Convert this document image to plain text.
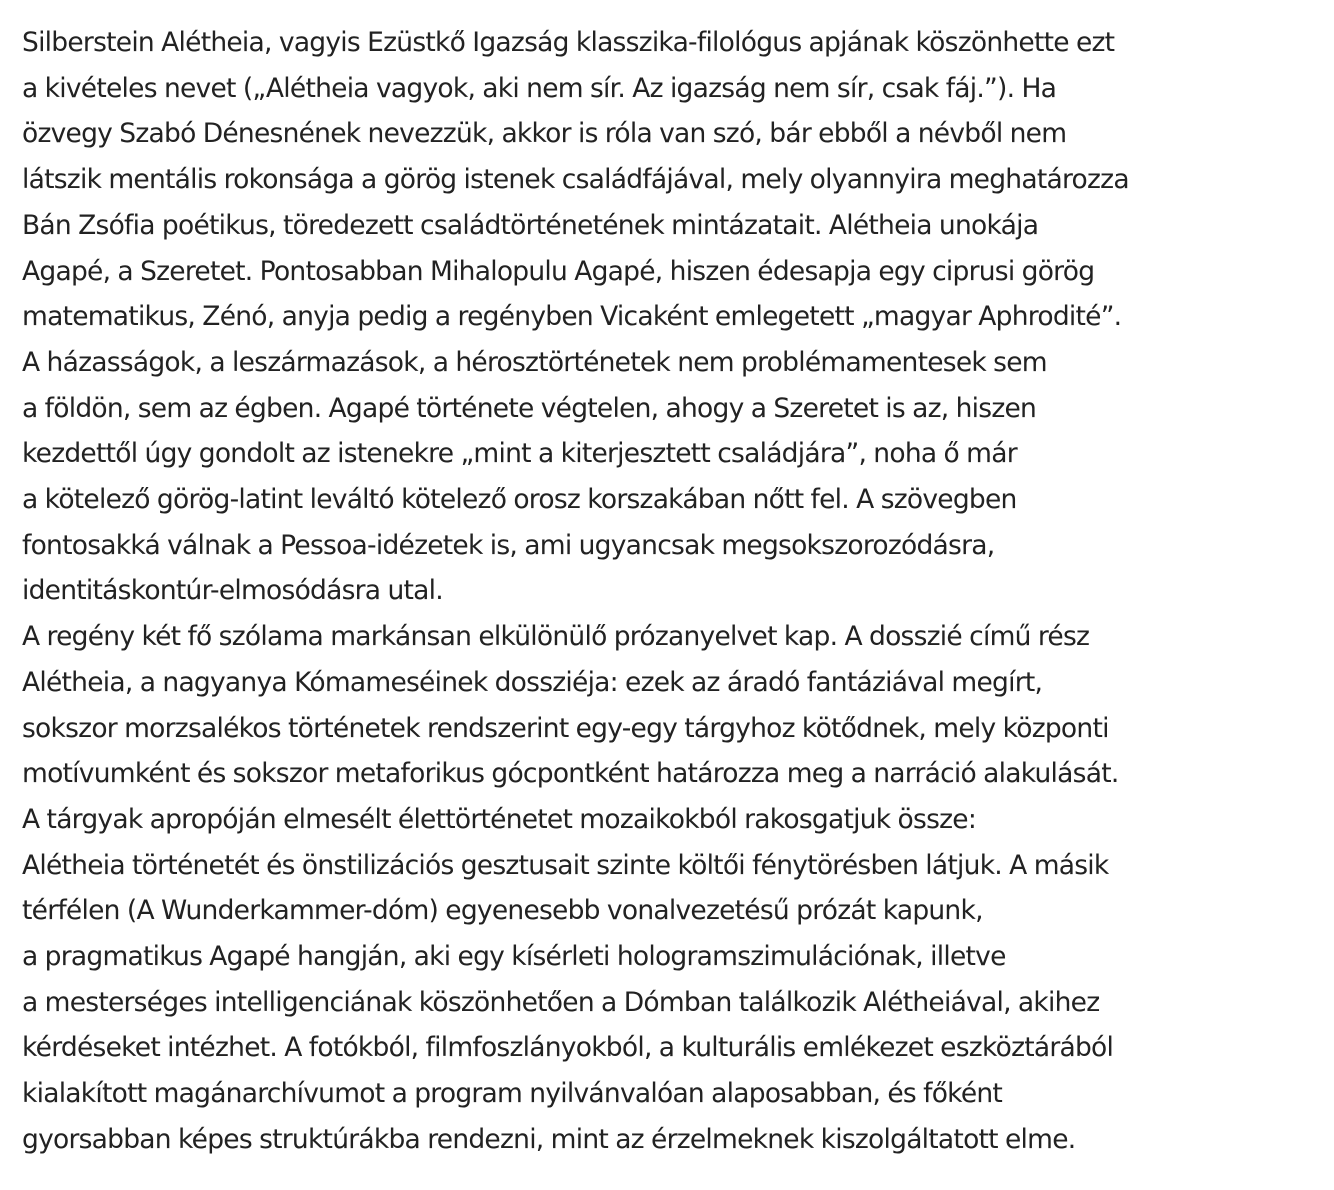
Silberstein Alétheia, vagyis Ezüstkő Igazság klasszika-filológus apjának köszönhette ezt
a kivételes nevet („Alétheia vagyok, aki nem sír. Az igazság nem sír, csak fáj.”). Ha
özvegy Szabó Dénesnének nevezzük, akkor is róla van szó, bár ebből a névből nem
látszik mentális rokonsága a görög istenek családfájával, mely olyannyira meghatározza
Bán Zsófia poétikus, töredezett családtörténetének mintázatait. Alétheia unokája
Agapé, a Szeretet. Pontosabban Mihalopulu Agapé, hiszen édesapja egy ciprusi görög
matematikus, Zénó, anyja pedig a regényben Vicaként emlegetett „magyar Aphrodité”.
A házasságok, a leszármazások, a hérosztörténetek nem problémamentesek sem
a földön, sem az égben. Agapé története végtelen, ahogy a Szeretet is az, hiszen
kezdettől úgy gondolt az istenekre „mint a kiterjesztett családjára”, noha ő már
a kötelező görög-latint leváltó kötelező orosz korszakában nőtt fel. A szövegben
fontosakká válnak a Pessoa-idézetek is, ami ugyancsak megsokszorozódásra,
identitáskontúr-elmosódásra utal.

A regény két fő szólama markánsan elkülönülő prózanyelvet kap. A dosszié című rész
Alétheia, a nagyanya Kómameséinek dossziéja: ezek az áradó fantáziával megírt,
sokszor morzsalékos történetek rendszerint egy-egy tárgyhoz kötődnek, mely központi
motívumként és sokszor metaforikus gócpontként határozza meg a narráció alakulását.
A tárgyak apropóján elmesélt élettörténetet mozaikokból rakosgatjuk össze:
Alétheia történetét és önstilizációs gesztusait szinte költői fénytörésben látjuk. A másik
térfélen (A Wunderkammer-dóm) egyenesebb vonalvezetésű prózát kapunk,
a pragmatikus Agapé hangján, aki egy kísérleti hologramszimulációnak, illetve
a mesterséges intelligenciának köszönhetően a Dómban találkozik Alétheiával, akihez
kérdéseket intézhet. A fotókból, filmfoszlányokból, a kulturális emlékezet eszköztárából
kialakított magánarchívumot a program nyilvánvalóan alaposabban, és főként
gyorsabban képes struktúrákba rendezni, mint az érzelmeknek kiszolgáltatott elme.
